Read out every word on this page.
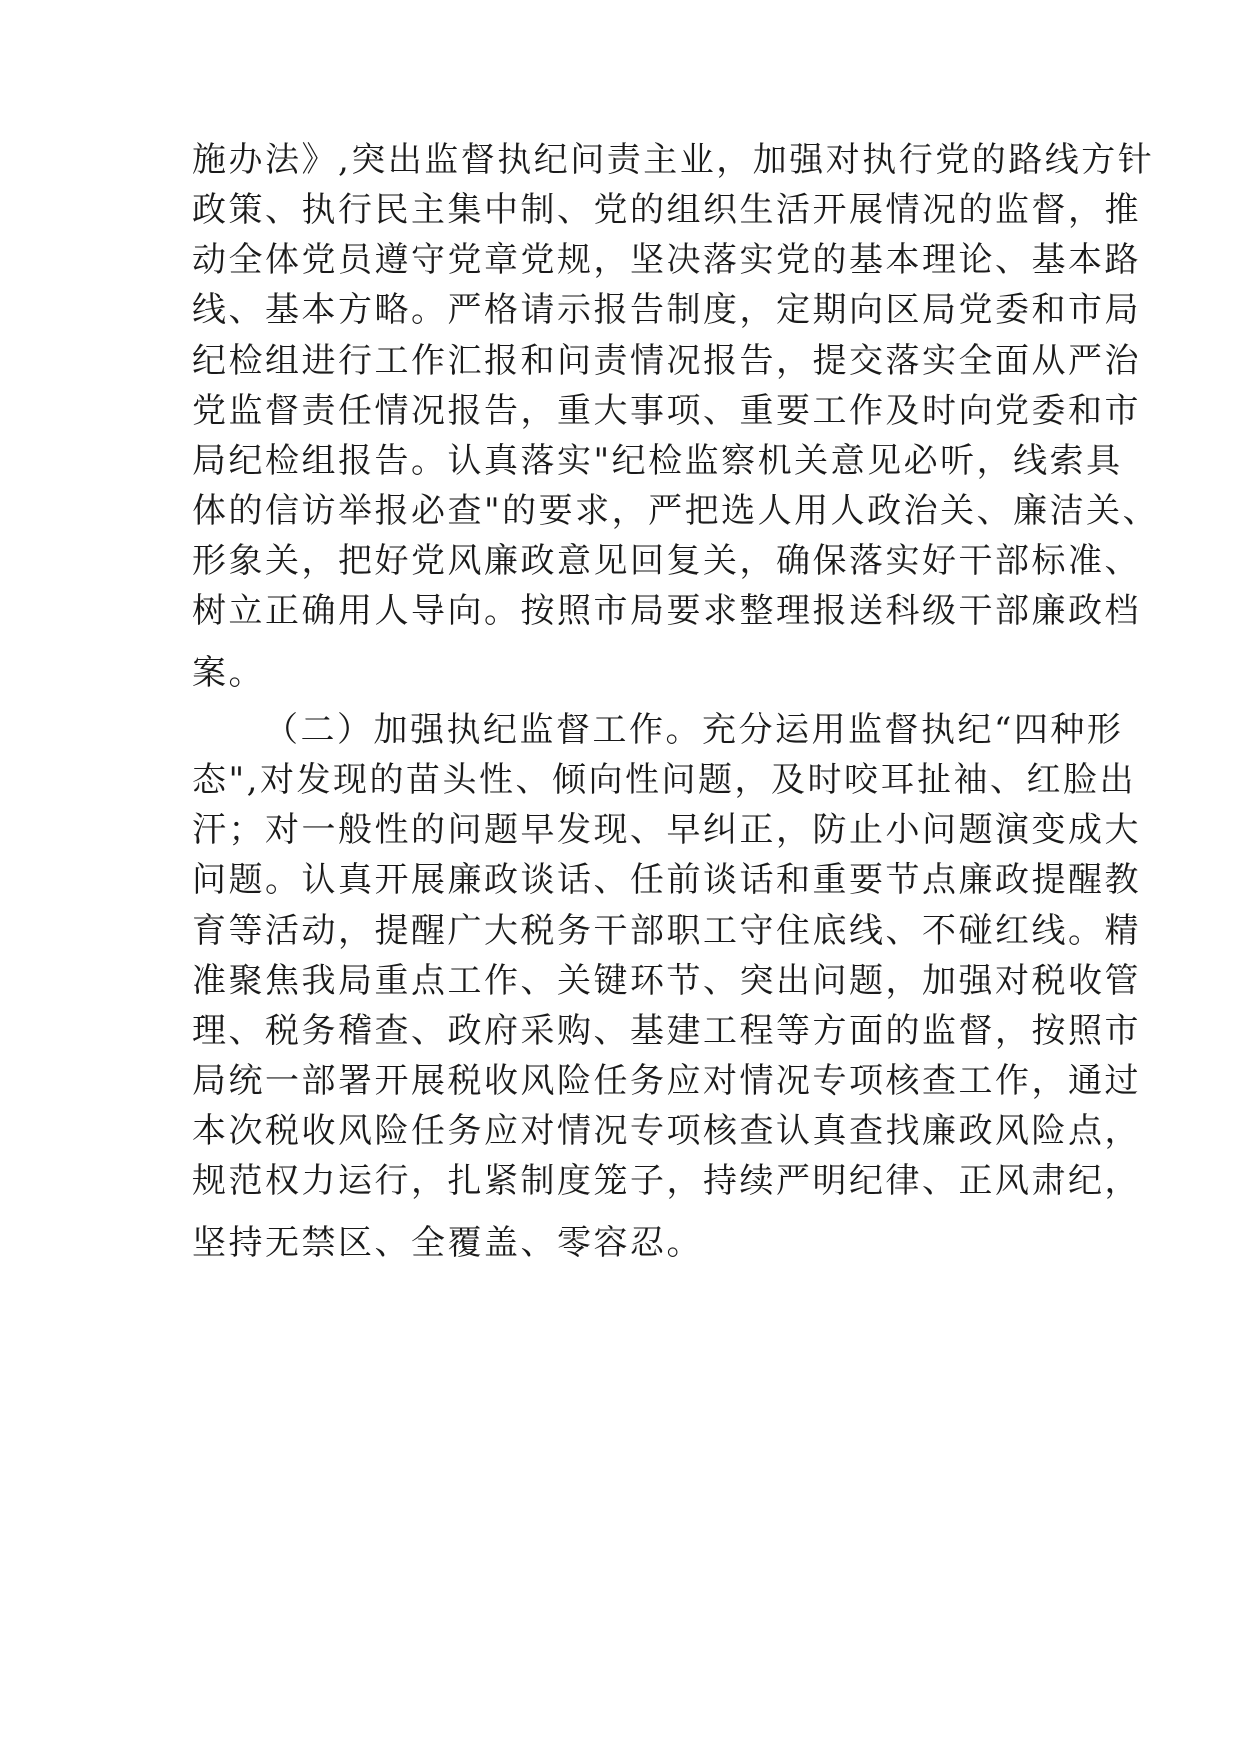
施办法》,突出监督执纪问责主业，加强对执行党的路线方针
政策、执行民主集中制、党的组织生活开展情况的监督，推
动全体党员遵守党章党规，坚决落实党的基本理论、基本路
线、基本方略。严格请示报告制度，定期向区局党委和市局
纪检组进行工作汇报和问责情况报告，提交落实全面从严治
党监督责任情况报告，重大事项、重要工作及时向党委和市
局纪检组报告。认真落实"纪检监察机关意见必听，线索具
体的信访举报必查"的要求，严把选人用人政治关、廉洁关、
形象关，把好党风廉政意见回复关，确保落实好干部标准、
树立正确用人导向。按照市局要求整理报送科级干部廉政档
案。
（二）加强执纪监督工作。充分运用监督执纪“四种形
态",对发现的苗头性、倾向性问题，及时咬耳扯袖、红脸出
汗；对一般性的问题早发现、早纠正，防止小问题演变成大
问题。认真开展廉政谈话、任前谈话和重要节点廉政提醒教
育等活动，提醒广大税务干部职工守住底线、不碰红线。精
准聚焦我局重点工作、关键环节、突出问题，加强对税收管
理、税务稽查、政府采购、基建工程等方面的监督，按照市
局统一部署开展税收风险任务应对情况专项核查工作，通过
本次税收风险任务应对情况专项核查认真查找廉政风险点，
规范权力运行，扎紧制度笼子，持续严明纪律、正风肃纪，
坚持无禁区、全覆盖、零容忍。
